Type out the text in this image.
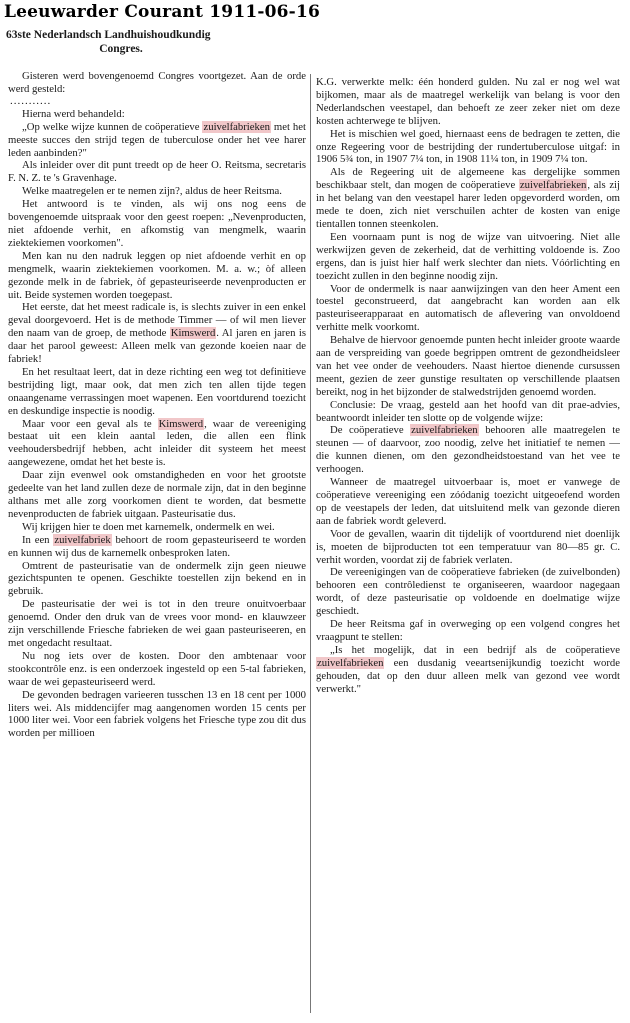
Leeuwarder Courant 1911-06-16
63ste Nederlandsch Landhuishoudkundig
Congres.

Gisteren werd bovengenoemd Congres voortgezet. Aan de orde werd gesteld:

...........

Hierna werd behandeld:

„Op welke wijze kunnen de coöperatieve zuivelfabrieken met het meeste succes den strijd tegen de tuberculose onder het vee harer leden aanbinden?"

Als inleider over dit punt treedt op de heer O. Reitsma, secretaris F. N. Z. te 's Gravenhage.

Welke maatregelen er te nemen zijn?, aldus de heer Reitsma.

Het antwoord is te vinden, als wij ons nog eens de bovengenoemde uitspraak voor den geest roepen: „Nevenproducten, niet afdoende verhit, en afkomstig van mengmelk, waarin ziektekiemen voorkomen".

Men kan nu den nadruk leggen op niet afdoende verhit en op mengmelk, waarin ziektekiemen voorkomen. M. a. w.; òf alleen gezonde melk in de fabriek, òf gepasteuriseerde nevenproducten er uit. Beide systemen worden toegepast.

Het eerste, dat het meest radicale is, is slechts zuiver in een enkel geval doorgevoerd. Het is de methode Timmer — of wil men liever den naam van de groep, de methode Kimswerd. Al jaren en jaren is daar het parool geweest: Alleen melk van gezonde koeien naar de fabriek!

En het resultaat leert, dat in deze richting een weg tot definitieve bestrijding ligt, maar ook, dat men zich ten allen tijde tegen onaangename verrassingen moet wapenen. Een voortdurend toezicht en deskundige inspectie is noodig.

Maar voor een geval als te Kimswerd, waar de vereeniging bestaat uit een klein aantal leden, die allen een flink veehoudersbedrijf hebben, acht inleider dit systeem het meest aangewezene, omdat het het beste is.

Daar zijn evenwel ook omstandigheden en voor het grootste gedeelte van het land zullen deze de normale zijn, dat in den beginne althans met alle zorg voorkomen dient te worden, dat besmette nevenproducten de fabriek uitgaan. Pasteurisatie dus.

Wij krijgen hier te doen met karnemelk, ondermelk en wei.

In een zuivelfabriek behoort de room gepasteuriseerd te worden en kunnen wij dus de karnemelk onbesproken laten.

Omtrent de pasteurisatie van de ondermelk zijn geen nieuwe gezichtspunten te openen. Geschikte toestellen zijn bekend en in gebruik.

De pasteurisatie der wei is tot in den treure onuitvoerbaar genoemd. Onder den druk van de vrees voor mond- en klauwzeer zijn verschillende Friesche fabrieken de wei gaan pasteuriseeren, en met ongedacht resultaat.

Nu nog iets over de kosten. Door den ambtenaar voor stookcontrôle enz. is een onderzoek ingesteld op een 5-tal fabrieken, waar de wei gepasteuriseerd werd.

De gevonden bedragen varieeren tusschen 13 en 18 cent per 1000 liters wei. Als middencijfer mag aangenomen worden 15 cents per 1000 liter wei. Voor een fabriek volgens het Friesche type zou dit dus worden per millioen

K.G. verwerkte melk: één honderd gulden. Nu zal er nog wel wat bijkomen, maar als de maatregel werkelijk van belang is voor den Nederlandschen veestapel, dan behoeft ze zeer zeker niet om deze kosten achterwege te blijven.

Het is mischien wel goed, hiernaast eens de bedragen te zetten, die onze Regeering voor de bestrijding der rundertuberculose uitgaf: in 1906 5¾ ton, in 1907 7¼ ton, in 1908 11¼ ton, in 1909 7¼ ton.

Als de Regeering uit de algemeene kas dergelijke sommen beschikbaar stelt, dan mogen de coöperatieve zuivelfabrieken, als zij in het belang van den veestapel harer leden opgevorderd worden, om mede te doen, zich niet verschuilen achter de kosten van enige tientallen tonnen steenkolen.

Een voornaam punt is nog de wijze van uitvoering. Niet alle werkwijzen geven de zekerheid, dat de verhitting voldoende is. Zoo ergens, dan is juist hier half werk slechter dan niets. Vóórlichting en toezicht zullen in den beginne noodig zijn.

Voor de ondermelk is naar aanwijzingen van den heer Ament een toestel geconstrueerd, dat aangebracht kan worden aan elk pasteuriseerapparaat en automatisch de aflevering van onvoldoend verhitte melk voorkomt.

Behalve de hiervoor genoemde punten hecht inleider groote waarde aan de verspreiding van goede begrippen omtrent de gezondheidsleer van het vee onder de veehouders. Naast hiertoe dienende cursussen meent, gezien de zeer gunstige resultaten op verschillende plaatsen bereikt, nog in het bijzonder de stalwedstrijden genoemd worden.

Conclusie: De vraag, gesteld aan het hoofd van dit prae-advies, beantwoordt inleider ten slotte op de volgende wijze:

De coöperatieve zuivelfabrieken behooren alle maatregelen te steunen — of daarvoor, zoo noodig, zelve het initiatief te nemen — die kunnen dienen, om den gezondheidstoestand van het vee te verhoogen.

Wanneer de maatregel uitvoerbaar is, moet er vanwege de coöperatieve vereeniging een zóódanig toezicht uitgeoefend worden op de veestapels der leden, dat uitsluitend melk van gezonde dieren aan de fabriek wordt geleverd.

Voor de gevallen, waarin dit tijdelijk of voortdurend niet doenlijk is, moeten de bijproducten tot een temperatuur van 80—85 gr. C. verhit worden, voordat zij de fabriek verlaten.

De vereenigingen van de coöperatieve fabrieken (de zuivelbonden) behooren een contrôledienst te organiseeren, waardoor nagegaan wordt, of deze pasteurisatie op voldoende en doelmatige wijze geschiedt.

De heer Reitsma gaf in overweging op een volgend congres het vraagpunt te stellen:

„Is het mogelijk, dat in een bedrijf als de coöperatieve zuivelfabrieken een dusdanig veeartsenijkundig toezicht worde gehouden, dat op den duur alleen melk van gezond vee wordt verwerkt."
